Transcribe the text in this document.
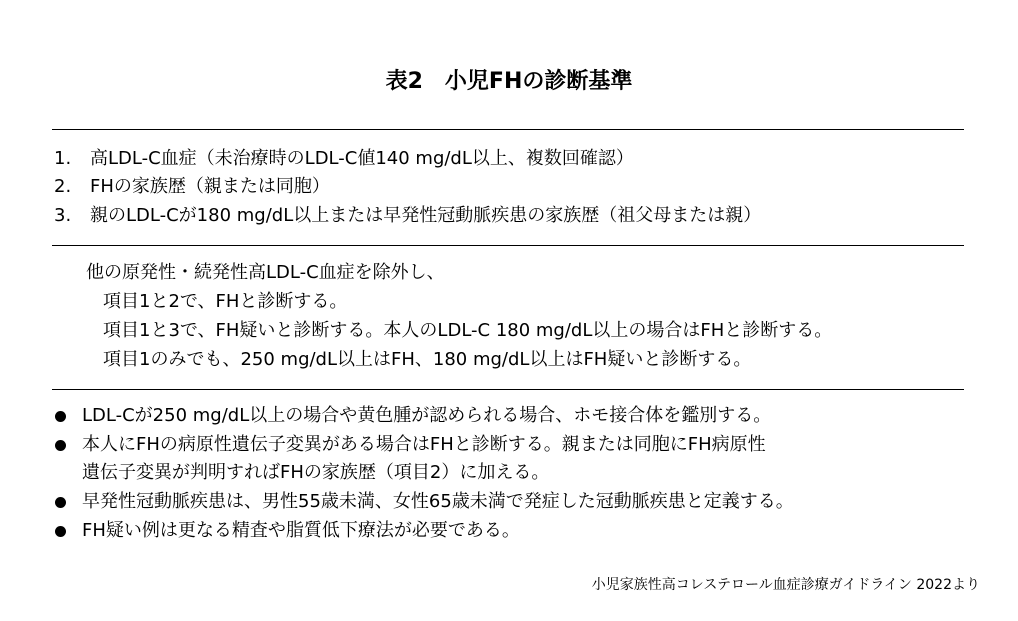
表2　小児FHの診断基準
1. 高LDL-C血症（未治療時のLDL-C値140 mg/dL以上、複数回確認）
2. FHの家族歴（親または同胞）
3. 親のLDL-Cが180 mg/dL以上または早発性冠動脈疾患の家族歴（祖父母または親）
他の原発性・続発性高LDL-C血症を除外し、
項目1と2で、FHと診断する。
項目1と3で、FH疑いと診断する。本人のLDL-C 180 mg/dL以上の場合はFHと診断する。
項目1のみでも、250 mg/dL以上はFH、180 mg/dL以上はFH疑いと診断する。
LDL-Cが250 mg/dL以上の場合や黄色腫が認められる場合、ホモ接合体を鑑別する。
本人にFHの病原性遺伝子変異がある場合はFHと診断する。親または同胞にFH病原性
遺伝子変異が判明すればFHの家族歴（項目2）に加える。
早発性冠動脈疾患は、男性55歳未満、女性65歳未満で発症した冠動脈疾患と定義する。
FH疑い例は更なる精査や脂質低下療法が必要である。
小児家族性高コレステロール血症診療ガイドライン 2022より
